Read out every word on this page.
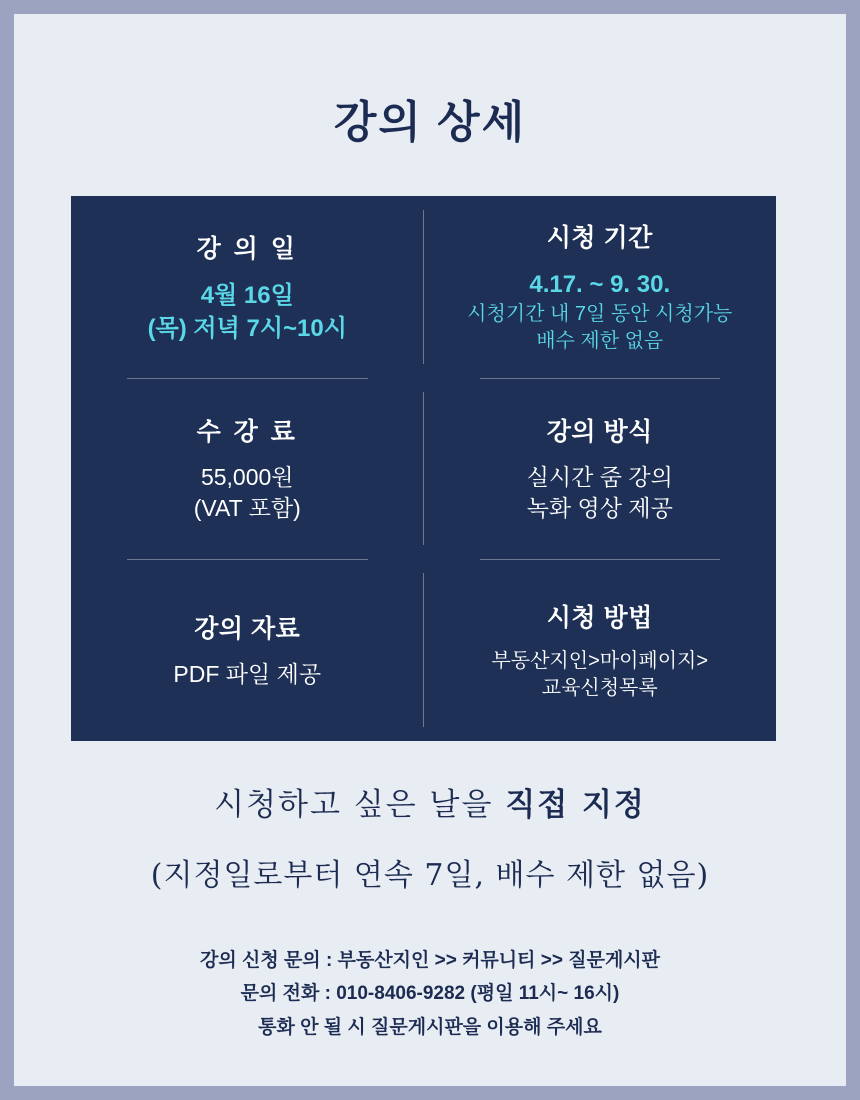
강의 상세
강 의 일
4월 16일
(목) 저녁 7시~10시
시청 기간
4.17. ~ 9. 30.
시청기간 내 7일 동안 시청가능
배수 제한 없음
수 강 료
55,000원
(VAT 포함)
강의 방식
실시간 줌 강의
녹화 영상 제공
강의 자료
PDF 파일 제공
시청 방법
부동산지인>마이페이지>
교육신청목록
시청하고 싶은 날을 직접 지정
(지정일로부터 연속 7일, 배수 제한 없음)
강의 신청 문의 : 부동산지인 >> 커뮤니티 >> 질문게시판
문의 전화 : 010-8406-9282 (평일 11시~ 16시)
통화 안 될 시 질문게시판을 이용해 주세요
